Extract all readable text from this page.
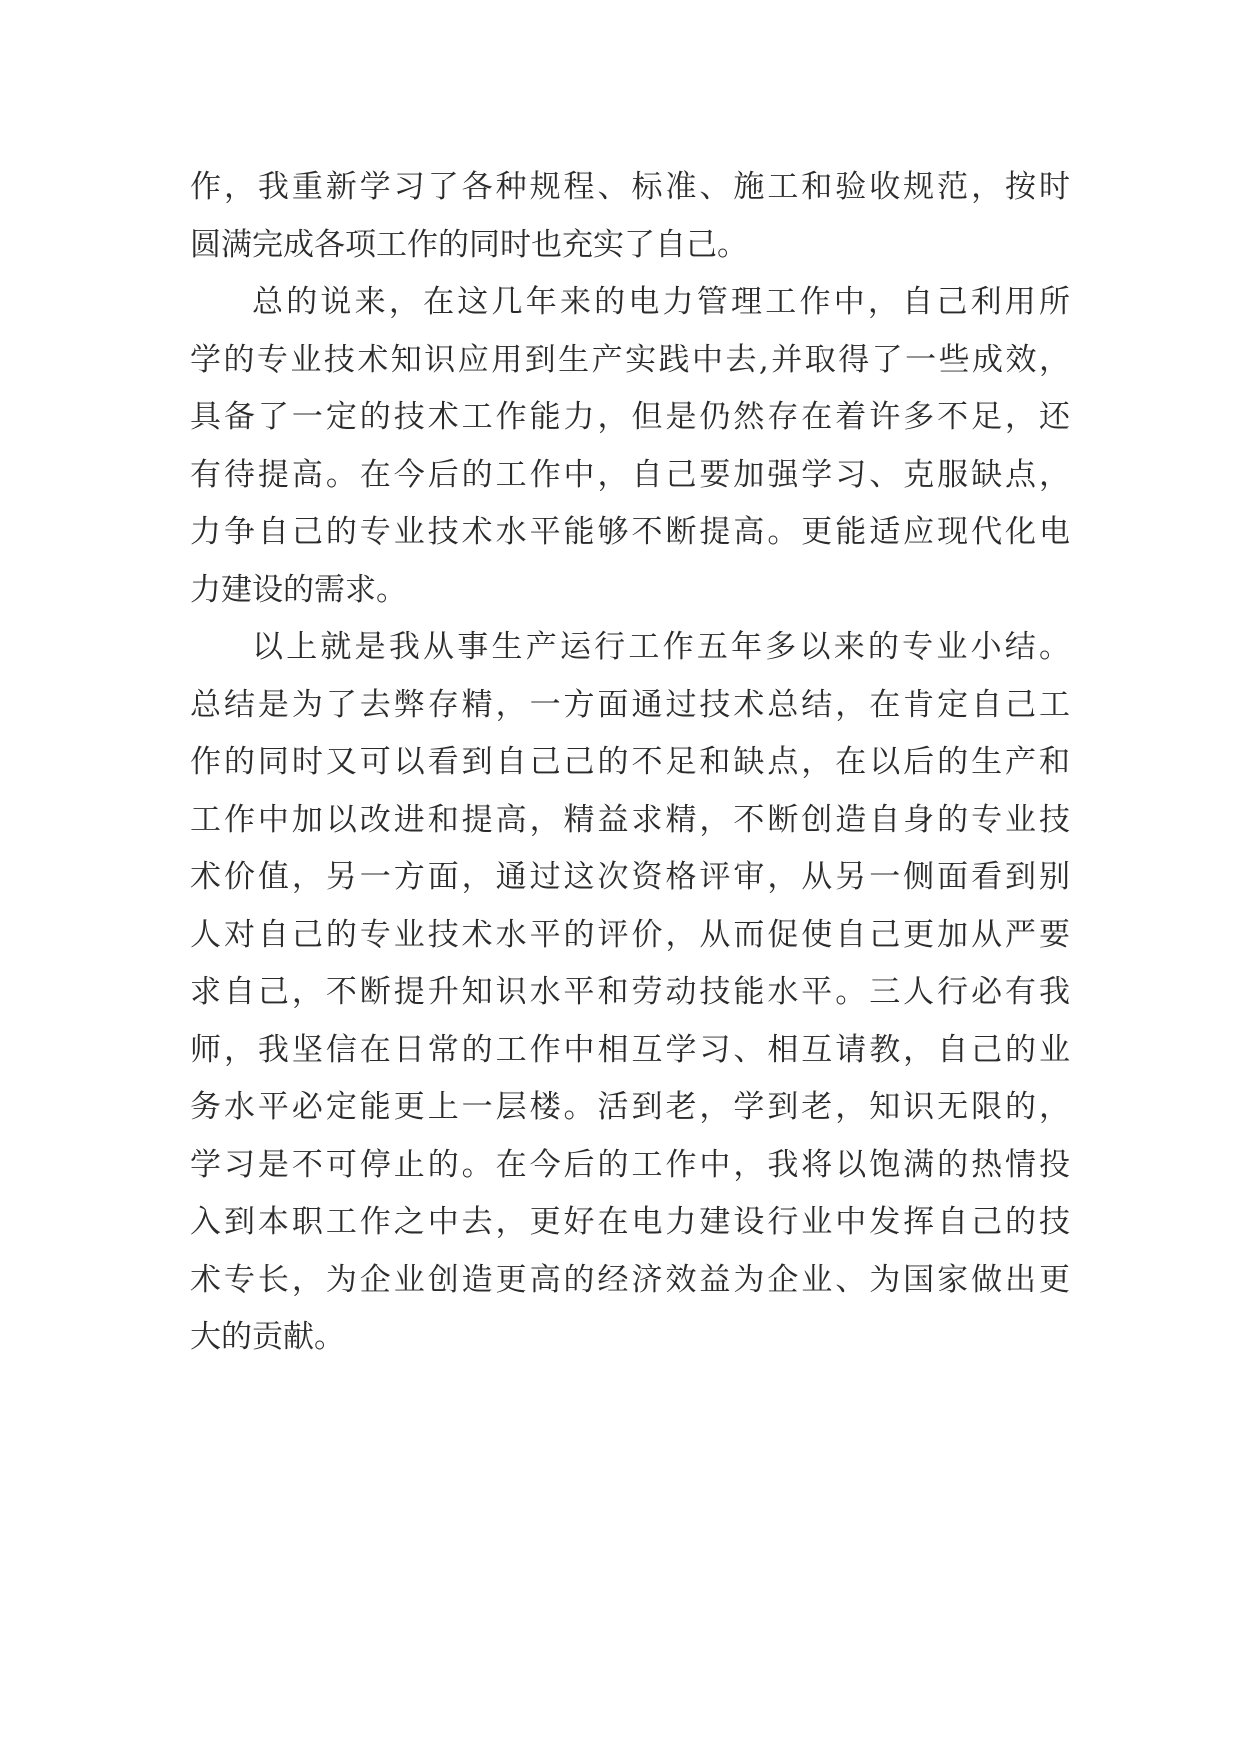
作，我重新学习了各种规程、标准、施工和验收规范，按时
圆满完成各项工作的同时也充实了自己。
总的说来，在这几年来的电力管理工作中，自己利用所
学的专业技术知识应用到生产实践中去,并取得了一些成效，
具备了一定的技术工作能力，但是仍然存在着许多不足，还
有待提高。在今后的工作中，自己要加强学习、克服缺点，
力争自己的专业技术水平能够不断提高。更能适应现代化电
力建设的需求。
以上就是我从事生产运行工作五年多以来的专业小结。
总结是为了去弊存精，一方面通过技术总结，在肯定自己工
作的同时又可以看到自己己的不足和缺点，在以后的生产和
工作中加以改进和提高，精益求精，不断创造自身的专业技
术价值，另一方面，通过这次资格评审，从另一侧面看到别
人对自己的专业技术水平的评价，从而促使自己更加从严要
求自己，不断提升知识水平和劳动技能水平。三人行必有我
师，我坚信在日常的工作中相互学习、相互请教，自己的业
务水平必定能更上一层楼。活到老，学到老，知识无限的，
学习是不可停止的。在今后的工作中，我将以饱满的热情投
入到本职工作之中去，更好在电力建设行业中发挥自己的技
术专长，为企业创造更高的经济效益为企业、为国家做出更
大的贡献。
